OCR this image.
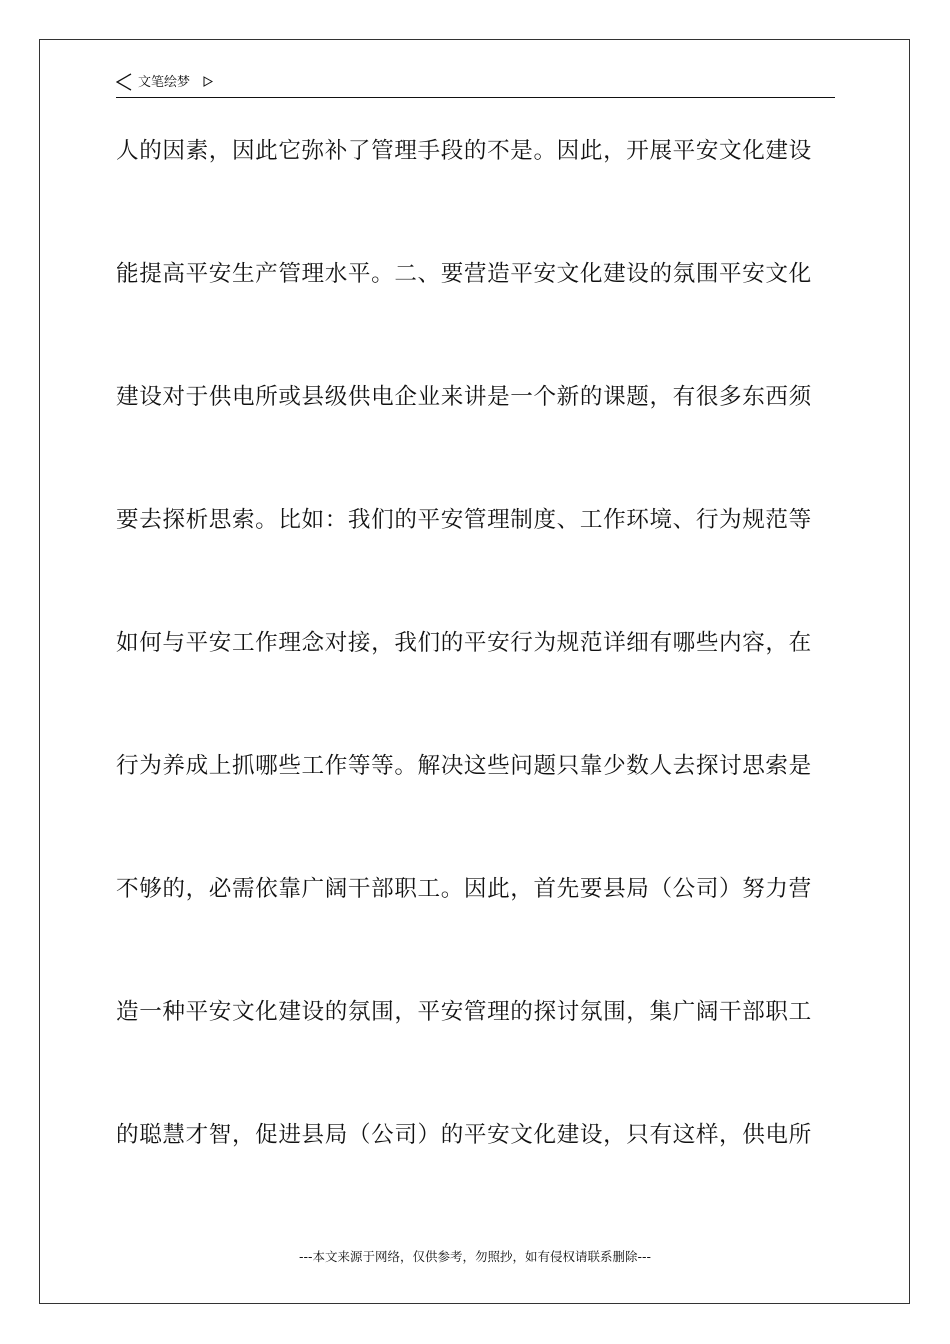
文笔绘梦
人的因素，因此它弥补了管理手段的不是。因此，开展平安文化建设
能提高平安生产管理水平。二、要营造平安文化建设的氛围平安文化
建设对于供电所或县级供电企业来讲是一个新的课题，有很多东西须
要去探析思索。比如：我们的平安管理制度、工作环境、行为规范等
如何与平安工作理念对接，我们的平安行为规范详细有哪些内容，在
行为养成上抓哪些工作等等。解决这些问题只靠少数人去探讨思索是
不够的，必需依靠广阔干部职工。因此，首先要县局（公司）努力营
造一种平安文化建设的氛围，平安管理的探讨氛围，集广阔干部职工
的聪慧才智，促进县局（公司）的平安文化建设，只有这样，供电所
---本文来源于网络，仅供参考，勿照抄，如有侵权请联系删除---
